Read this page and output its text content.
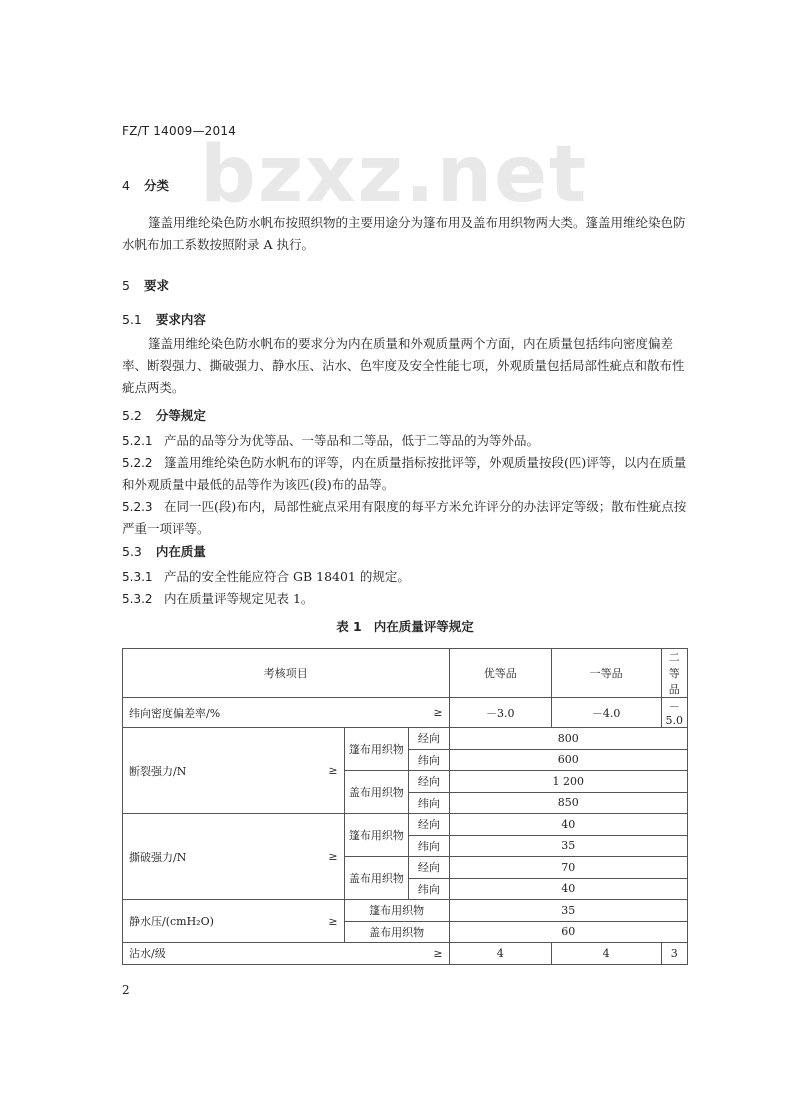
bzxz.net
FZ/T 14009—2014
4 分类
篷盖用维纶染色防水帆布按照织物的主要用途分为篷布用及盖布用织物两大类。篷盖用维纶染色防水帆布加工系数按照附录 A 执行。
5 要求
5.1 要求内容
篷盖用维纶染色防水帆布的要求分为内在质量和外观质量两个方面，内在质量包括纬向密度偏差率、断裂强力、撕破强力、静水压、沾水、色牢度及安全性能七项，外观质量包括局部性疵点和散布性疵点两类。
5.2 分等规定
5.2.1 产品的品等分为优等品、一等品和二等品，低于二等品的为等外品。
5.2.2 篷盖用维纶染色防水帆布的评等，内在质量指标按批评等，外观质量按段(匹)评等，以内在质量和外观质量中最低的品等作为该匹(段)布的品等。
5.2.3 在同一匹(段)布内，局部性疵点采用有限度的每平方米允许评分的办法评定等级；散布性疵点按严重一项评等。
5.3 内在质量
5.3.1 产品的安全性能应符合 GB 18401 的规定。
5.3.2 内在质量评等规定见表 1。
表 1 内在质量评等规定
考核项目			优等品	一等品	二等品

纬向密度偏差率/% ≥			－3.0	－4.0	－5.0

断裂强力/N ≥	篷布用织物	经向	800		
		纬向	600		
	盖布用织物	经向	1 200		
		纬向	850		

撕破强力/N ≥	篷布用织物	经向	40		
		纬向	35		
	盖布用织物	经向	70		
		纬向	40		

静水压/(cmH₂O) ≥	篷布用织物		35		
	盖布用织物		60		

沾水/级 ≥			4	4	3
2
